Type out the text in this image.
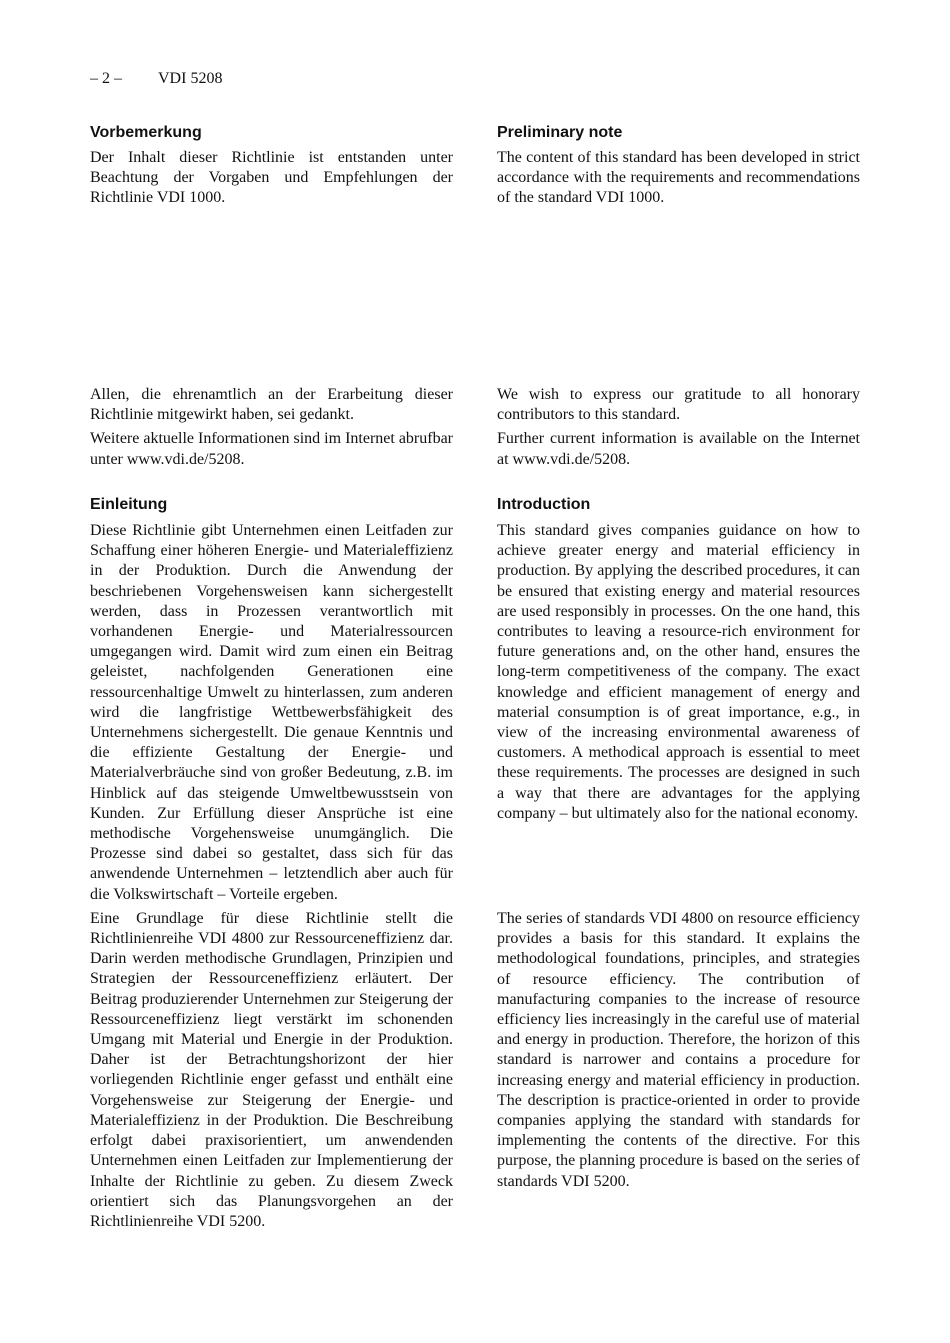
– 2 – VDI 5208
Vorbemerkung

Der Inhalt dieser Richtlinie ist entstanden unter Beachtung der Vorgaben und Empfehlungen der Richtlinie VDI 1000.

Allen, die ehrenamtlich an der Erarbeitung dieser Richtlinie mitgewirkt haben, sei gedankt.

Weitere aktuelle Informationen sind im Internet abrufbar unter www.vdi.de/5208.

Einleitung

Diese Richtlinie gibt Unternehmen einen Leitfaden zur Schaffung einer höheren Energie- und Materialeffizienz in der Produktion. Durch die Anwendung der beschriebenen Vorgehensweisen kann sichergestellt werden, dass in Prozessen verantwortlich mit vorhandenen Energie- und Materialressourcen umgegangen wird. Damit wird zum einen ein Beitrag geleistet, nachfolgenden Generationen eine ressourcenhaltige Umwelt zu hinterlassen, zum anderen wird die langfristige Wettbewerbsfähigkeit des Unternehmens sichergestellt. Die genaue Kenntnis und die effiziente Gestaltung der Energie- und Materialverbräuche sind von großer Bedeutung, z.B. im Hinblick auf das steigende Umweltbewusstsein von Kunden. Zur Erfüllung dieser Ansprüche ist eine methodische Vorgehensweise unumgänglich. Die Prozesse sind dabei so gestaltet, dass sich für das anwendende Unternehmen – letztendlich aber auch für die Volkswirtschaft – Vorteile ergeben.

Eine Grundlage für diese Richtlinie stellt die Richtlinienreihe VDI 4800 zur Ressourceneffizienz dar. Darin werden methodische Grundlagen, Prinzipien und Strategien der Ressourceneffizienz erläutert. Der Beitrag produzierender Unternehmen zur Steigerung der Ressourceneffizienz liegt verstärkt im schonenden Umgang mit Material und Energie in der Produktion. Daher ist der Betrachtungshorizont der hier vorliegenden Richtlinie enger gefasst und enthält eine Vorgehensweise zur Steigerung der Energie- und Materialeffizienz in der Produktion. Die Beschreibung erfolgt dabei praxisorientiert, um anwendenden Unternehmen einen Leitfaden zur Implementierung der Inhalte der Richtlinie zu geben. Zu diesem Zweck orientiert sich das Planungsvorgehen an der Richtlinienreihe VDI 5200.

Preliminary note

The content of this standard has been developed in strict accordance with the requirements and recommendations of the standard VDI 1000.

We wish to express our gratitude to all honorary contributors to this standard.

Further current information is available on the Internet at www.vdi.de/5208.

Introduction

This standard gives companies guidance on how to achieve greater energy and material efficiency in production. By applying the described procedures, it can be ensured that existing energy and material resources are used responsibly in processes. On the one hand, this contributes to leaving a resource-rich environment for future generations and, on the other hand, ensures the long-term competitiveness of the company. The exact knowledge and efficient management of energy and material consumption is of great importance, e.g., in view of the increasing environmental awareness of customers. A methodical approach is essential to meet these requirements. The processes are designed in such a way that there are advantages for the applying company – but ultimately also for the national economy.

The series of standards VDI 4800 on resource efficiency provides a basis for this standard. It explains the methodological foundations, principles, and strategies of resource efficiency. The contribution of manufacturing companies to the increase of resource efficiency lies increasingly in the careful use of material and energy in production. Therefore, the horizon of this standard is narrower and contains a procedure for increasing energy and material efficiency in production. The description is practice-oriented in order to provide companies applying the standard with standards for implementing the contents of the directive. For this purpose, the planning procedure is based on the series of standards VDI 5200.
